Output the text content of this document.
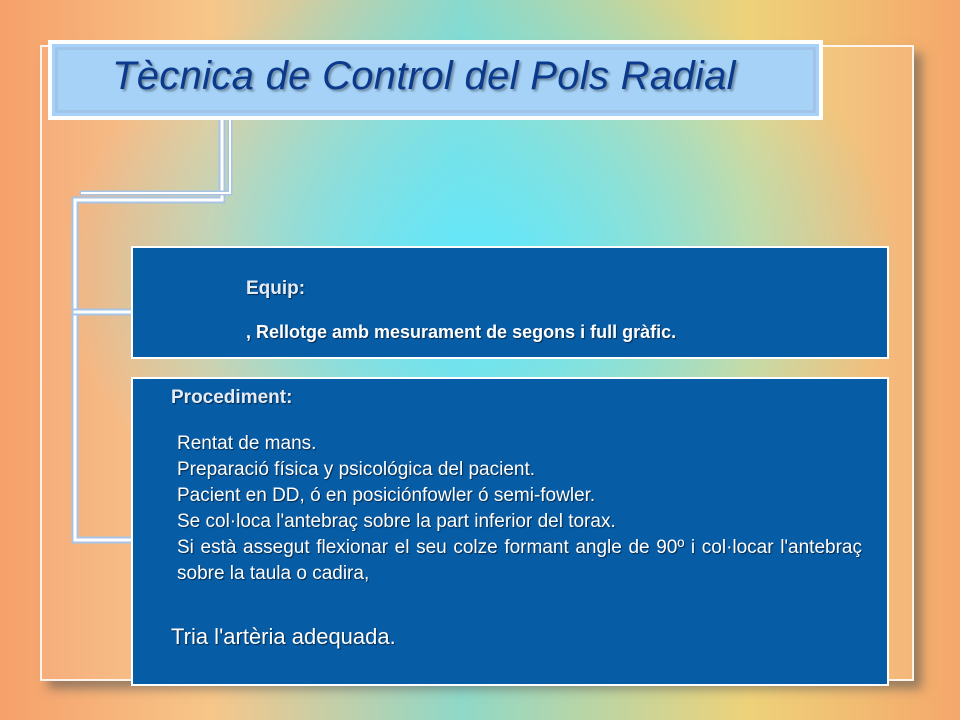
Tècnica de Control del Pols Radial
Equip:
, Rellotge amb mesurament de segons i full gràfic.
Procediment:

Rentat de mans.

Preparació física y psicológica del pacient.

Pacient en DD, ó en posiciónfowler ó semi-fowler.

Se col·loca l'antebraç sobre la part inferior del torax.

Si està assegut flexionar el seu colze formant angle de 90º i col·locar l'antebraç sobre la taula o cadira,

Tria l'artèria adequada.
